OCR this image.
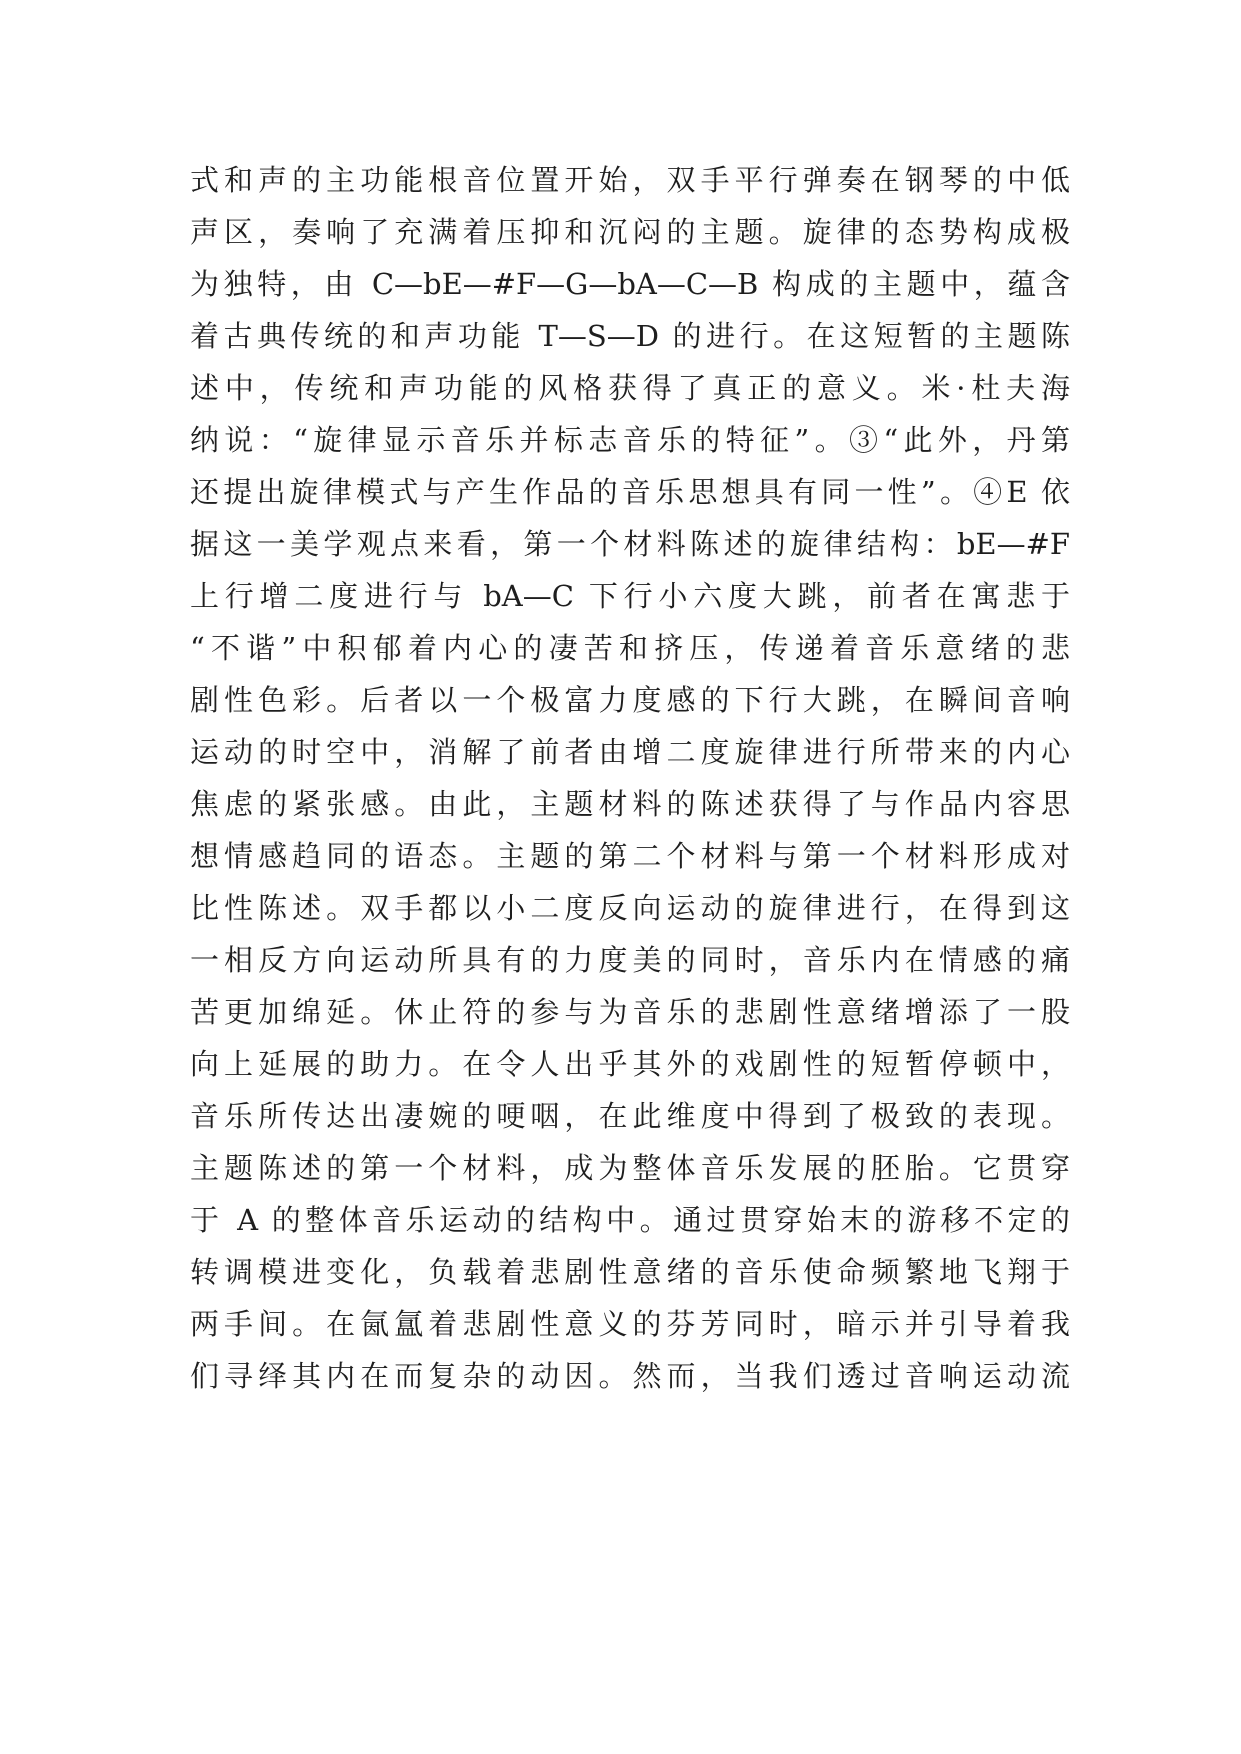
式和声的主功能根音位置开始，双手平行弹奏在钢琴的中低
声区，奏响了充满着压抑和沉闷的主题。旋律的态势构成极
为独特，由 C—bE—#F—G—bA—C—B 构成的主题中，蕴含
着古典传统的和声功能 T—S—D 的进行。在这短暂的主题陈
述中，传统和声功能的风格获得了真正的意义。米·杜夫海
纳说：“旋律显示音乐并标志音乐的特征”。③“此外，丹第
还提出旋律模式与产生作品的音乐思想具有同一性”。④E 依
据这一美学观点来看，第一个材料陈述的旋律结构：bE—#F
上行增二度进行与 bA—C 下行小六度大跳，前者在寓悲于
“不谐”中积郁着内心的凄苦和挤压，传递着音乐意绪的悲
剧性色彩。后者以一个极富力度感的下行大跳，在瞬间音响
运动的时空中，消解了前者由增二度旋律进行所带来的内心
焦虑的紧张感。由此，主题材料的陈述获得了与作品内容思
想情感趋同的语态。主题的第二个材料与第一个材料形成对
比性陈述。双手都以小二度反向运动的旋律进行，在得到这
一相反方向运动所具有的力度美的同时，音乐内在情感的痛
苦更加绵延。休止符的参与为音乐的悲剧性意绪增添了一股
向上延展的助力。在令人出乎其外的戏剧性的短暂停顿中，
音乐所传达出凄婉的哽咽，在此维度中得到了极致的表现。
主题陈述的第一个材料，成为整体音乐发展的胚胎。它贯穿
于 A 的整体音乐运动的结构中。通过贯穿始末的游移不定的
转调模进变化，负载着悲剧性意绪的音乐使命频繁地飞翔于
两手间。在氤氲着悲剧性意义的芬芳同时，暗示并引导着我
们寻绎其内在而复杂的动因。然而，当我们透过音响运动流
